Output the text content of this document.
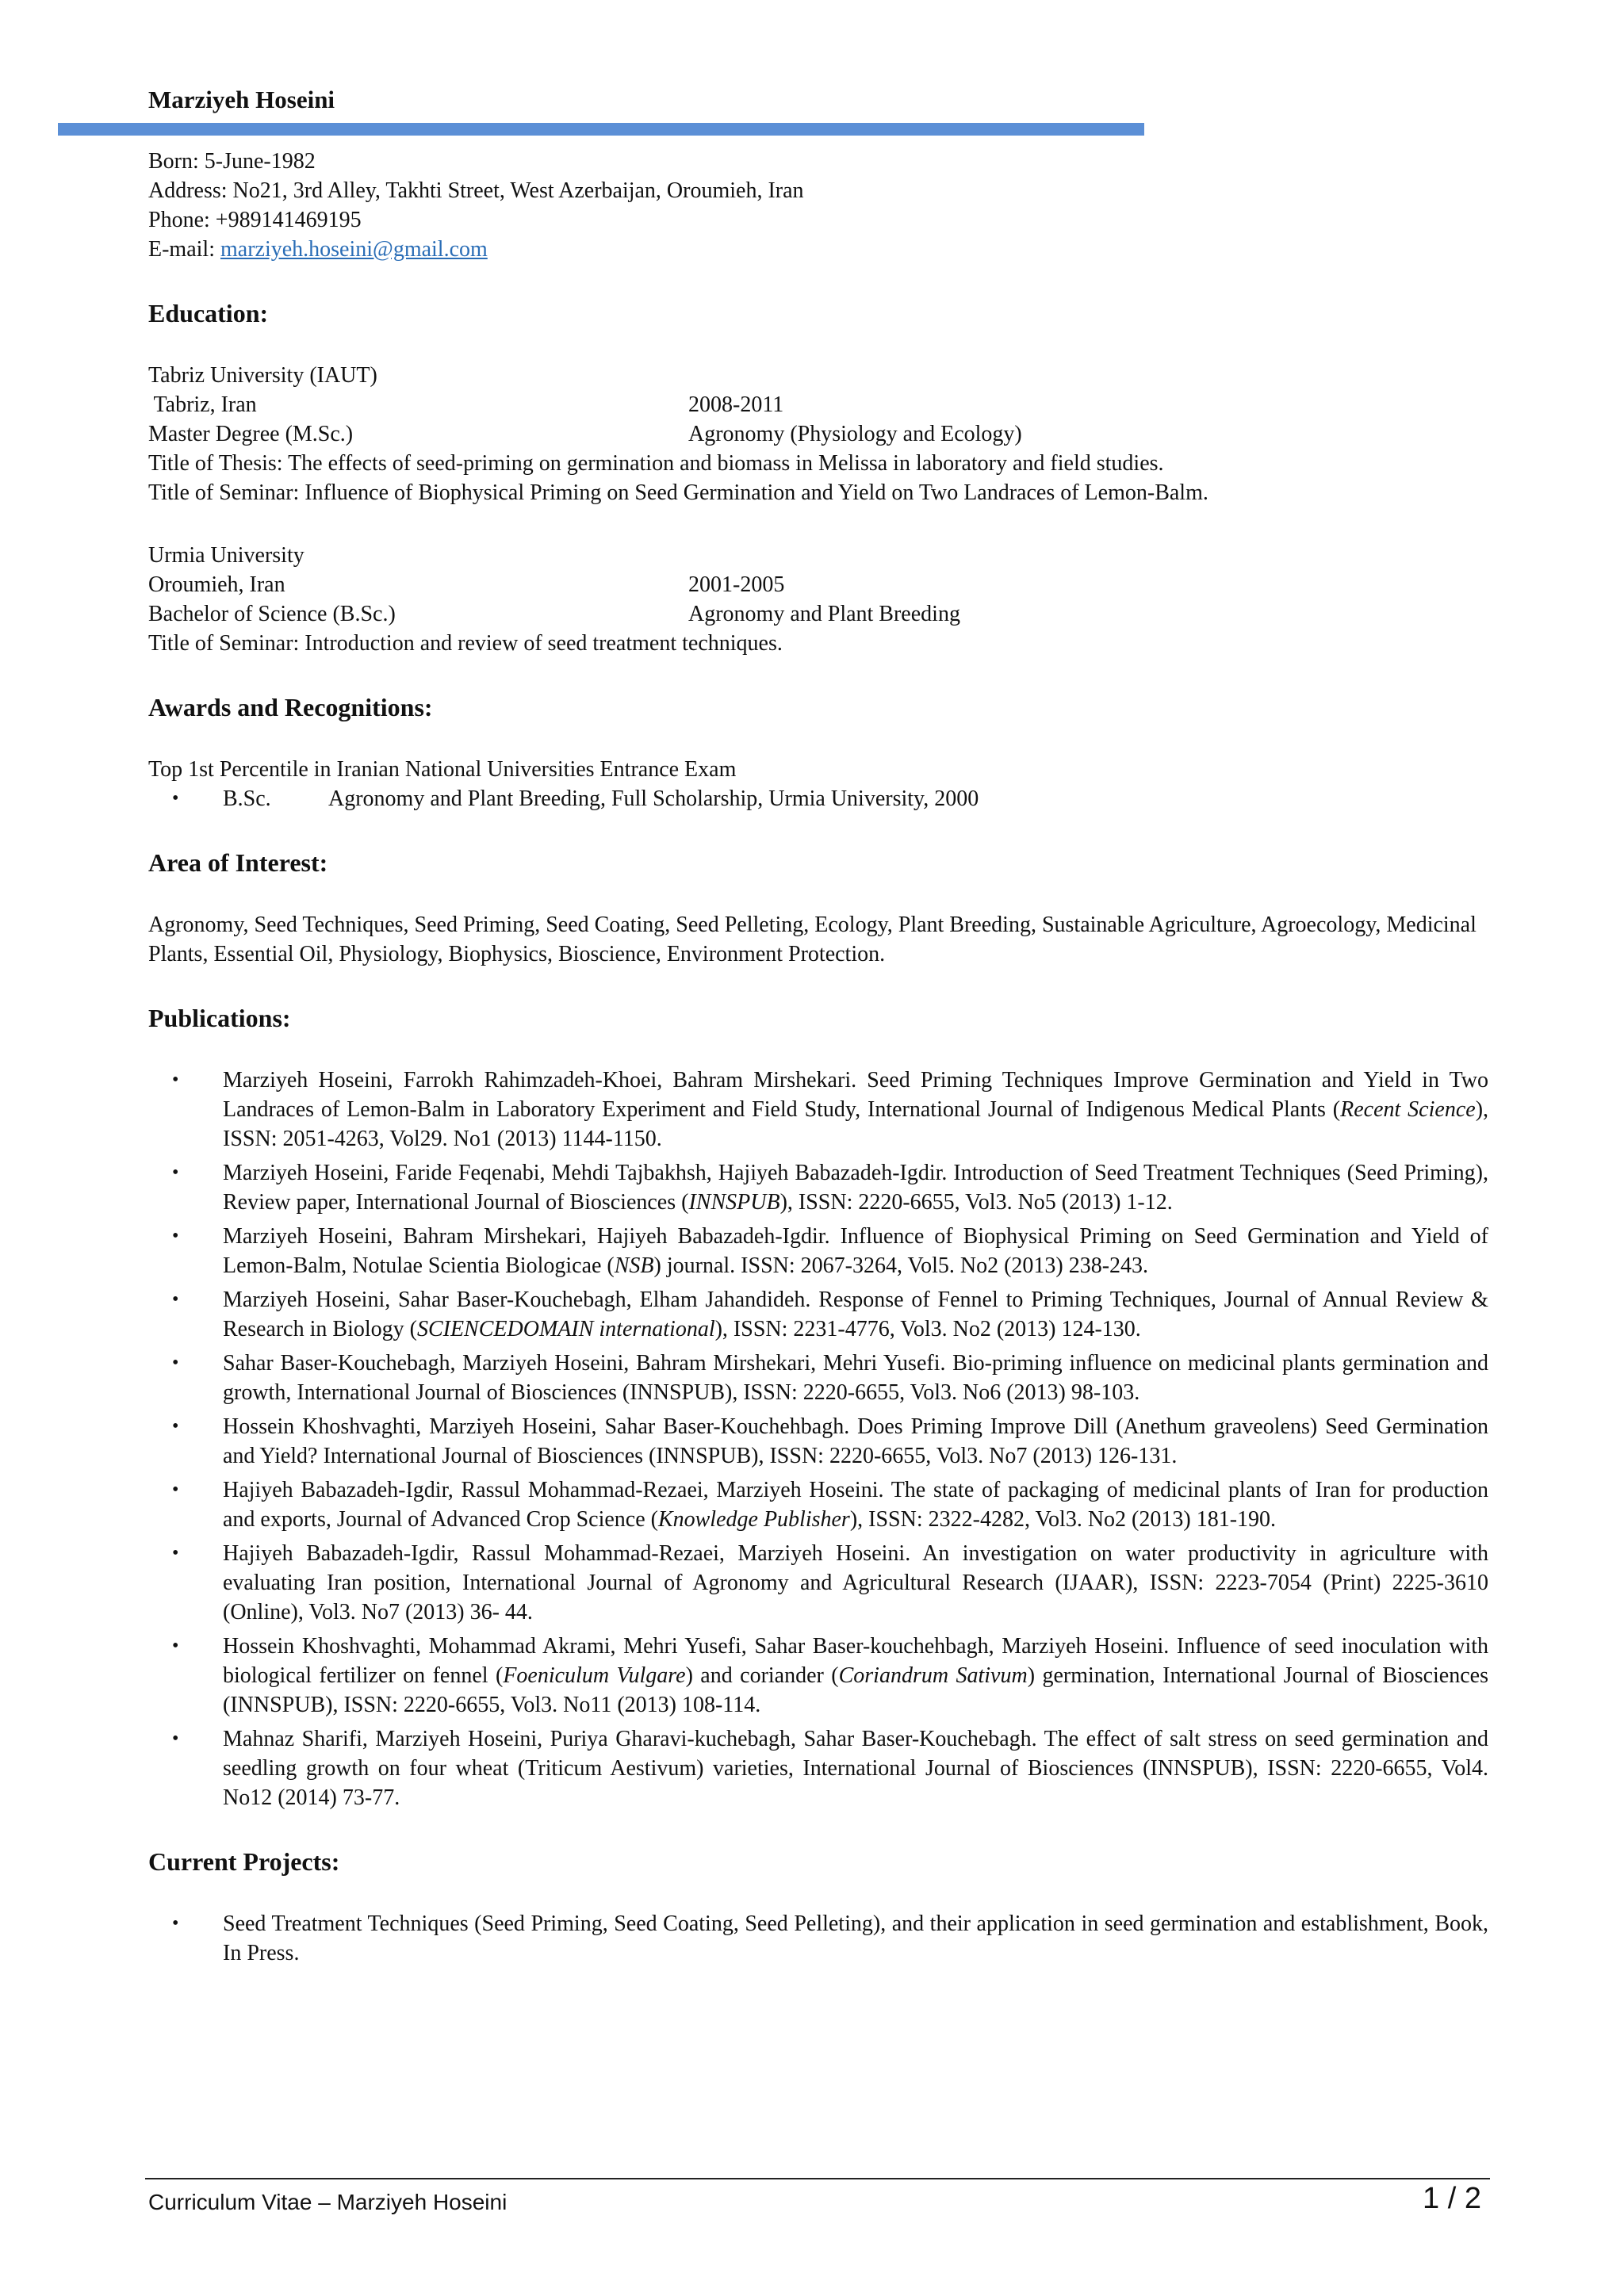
Marziyeh Hoseini
Born: 5-June-1982
Address: No21, 3rd Alley, Takhti Street, West Azerbaijan, Oroumieh, Iran
Phone: +989141469195
E-mail: marziyeh.hoseini@gmail.com
Education:
Tabriz University (IAUT)
Tabriz, Iran	2008-2011
Master Degree (M.Sc.)	Agronomy (Physiology and Ecology)
Title of Thesis: The effects of seed-priming on germination and biomass in Melissa in laboratory and field studies.
Title of Seminar: Influence of Biophysical Priming on Seed Germination and Yield on Two Landraces of Lemon-Balm.
Urmia University
Oroumieh, Iran	2001-2005
Bachelor of Science (B.Sc.)	Agronomy and Plant Breeding
Title of Seminar: Introduction and review of seed treatment techniques.
Awards and Recognitions:
Top 1st Percentile in Iranian National Universities Entrance Exam
•	B.Sc.	Agronomy and Plant Breeding, Full Scholarship, Urmia University, 2000
Area of Interest:
Agronomy, Seed Techniques, Seed Priming, Seed Coating, Seed Pelleting, Ecology, Plant Breeding, Sustainable Agriculture, Agroecology, Medicinal Plants, Essential Oil, Physiology, Biophysics, Bioscience, Environment Protection.
Publications:
•	Marziyeh Hoseini, Farrokh Rahimzadeh-Khoei, Bahram Mirshekari. Seed Priming Techniques Improve Germination and Yield in Two Landraces of Lemon-Balm in Laboratory Experiment and Field Study, International Journal of Indigenous Medical Plants (Recent Science), ISSN: 2051-4263, Vol29. No1 (2013) 1144-1150.
•	Marziyeh Hoseini, Faride Feqenabi, Mehdi Tajbakhsh, Hajiyeh Babazadeh-Igdir. Introduction of Seed Treatment Techniques (Seed Priming), Review paper, International Journal of Biosciences (INNSPUB), ISSN: 2220-6655, Vol3. No5 (2013) 1-12.
•	Marziyeh Hoseini, Bahram Mirshekari, Hajiyeh Babazadeh-Igdir. Influence of Biophysical Priming on Seed Germination and Yield of Lemon-Balm, Notulae Scientia Biologicae (NSB) journal. ISSN: 2067-3264, Vol5. No2 (2013) 238-243.
•	Marziyeh Hoseini, Sahar Baser-Kouchebagh, Elham Jahandideh. Response of Fennel to Priming Techniques, Journal of Annual Review & Research in Biology (SCIENCEDOMAIN international), ISSN: 2231-4776, Vol3. No2 (2013) 124-130.
•	Sahar Baser-Kouchebagh, Marziyeh Hoseini, Bahram Mirshekari, Mehri Yusefi. Bio-priming influence on medicinal plants germination and growth, International Journal of Biosciences (INNSPUB), ISSN: 2220-6655, Vol3. No6 (2013) 98-103.
•	Hossein Khoshvaghti, Marziyeh Hoseini, Sahar Baser-Kouchehbagh. Does Priming Improve Dill (Anethum graveolens) Seed Germination and Yield? International Journal of Biosciences (INNSPUB), ISSN: 2220-6655, Vol3. No7 (2013) 126-131.
•	Hajiyeh Babazadeh-Igdir, Rassul Mohammad-Rezaei, Marziyeh Hoseini. The state of packaging of medicinal plants of Iran for production and exports, Journal of Advanced Crop Science (Knowledge Publisher), ISSN: 2322-4282, Vol3. No2 (2013) 181-190.
•	Hajiyeh Babazadeh-Igdir, Rassul Mohammad-Rezaei, Marziyeh Hoseini. An investigation on water productivity in agriculture with evaluating Iran position, International Journal of Agronomy and Agricultural Research (IJAAR), ISSN: 2223-7054 (Print) 2225-3610 (Online), Vol3. No7 (2013) 36- 44.
•	Hossein Khoshvaghti, Mohammad Akrami, Mehri Yusefi, Sahar Baser-kouchehbagh, Marziyeh Hoseini. Influence of seed inoculation with biological fertilizer on fennel (Foeniculum Vulgare) and coriander (Coriandrum Sativum) germination, International Journal of Biosciences (INNSPUB), ISSN: 2220-6655, Vol3. No11 (2013) 108-114.
•	Mahnaz Sharifi, Marziyeh Hoseini, Puriya Gharavi-kuchebagh, Sahar Baser-Kouchebagh. The effect of salt stress on seed germination and seedling growth on four wheat (Triticum Aestivum) varieties, International Journal of Biosciences (INNSPUB), ISSN: 2220-6655, Vol4. No12 (2014) 73-77.
Current Projects:
•	Seed Treatment Techniques (Seed Priming, Seed Coating, Seed Pelleting), and their application in seed germination and establishment, Book, In Press.
Curriculum Vitae – Marziyeh Hoseini	1 / 2
